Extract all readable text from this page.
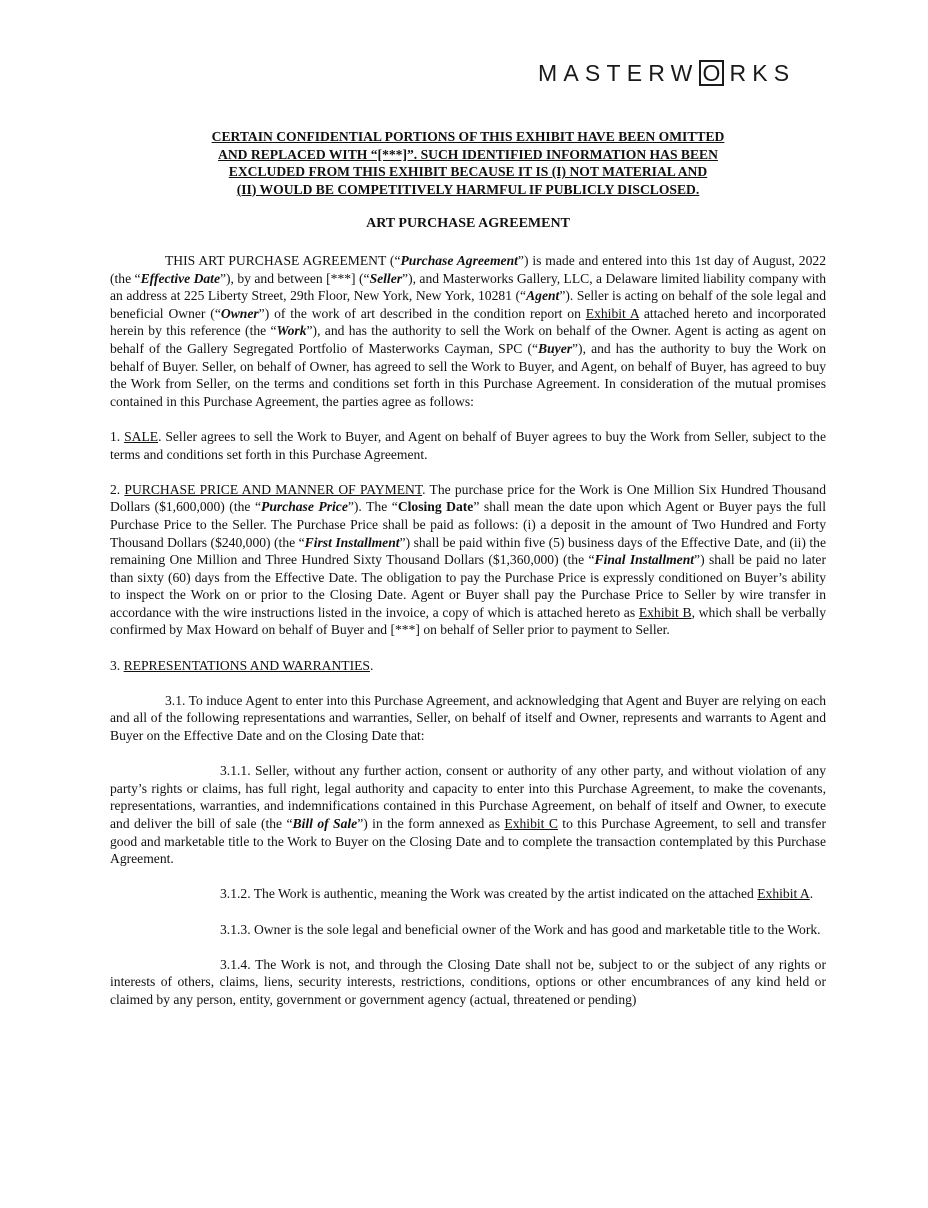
MASTERW O RKS
CERTAIN CONFIDENTIAL PORTIONS OF THIS EXHIBIT HAVE BEEN OMITTED
AND REPLACED WITH “[***]”. SUCH IDENTIFIED INFORMATION HAS BEEN
EXCLUDED FROM THIS EXHIBIT BECAUSE IT IS (I) NOT MATERIAL AND
(II) WOULD BE COMPETITIVELY HARMFUL IF PUBLICLY DISCLOSED.
ART PURCHASE AGREEMENT

THIS ART PURCHASE AGREEMENT (“Purchase Agreement”) is made and entered into this 1st day of August, 2022 (the “Effective Date”), by and between [***] (“Seller”), and Masterworks Gallery, LLC, a Delaware limited liability company with an address at 225 Liberty Street, 29th Floor, New York, New York, 10281 (“Agent”). Seller is acting on behalf of the sole legal and beneficial Owner (“Owner”) of the work of art described in the condition report on Exhibit A attached hereto and incorporated herein by this reference (the “Work”), and has the authority to sell the Work on behalf of the Owner. Agent is acting as agent on behalf of the Gallery Segregated Portfolio of Masterworks Cayman, SPC (“Buyer”), and has the authority to buy the Work on behalf of Buyer. Seller, on behalf of Owner, has agreed to sell the Work to Buyer, and Agent, on behalf of Buyer, has agreed to buy the Work from Seller, on the terms and conditions set forth in this Purchase Agreement. In consideration of the mutual promises contained in this Purchase Agreement, the parties agree as follows:

1. SALE. Seller agrees to sell the Work to Buyer, and Agent on behalf of Buyer agrees to buy the Work from Seller, subject to the terms and conditions set forth in this Purchase Agreement.

2. PURCHASE PRICE AND MANNER OF PAYMENT. The purchase price for the Work is One Million Six Hundred Thousand Dollars ($1,600,000) (the “Purchase Price”). The “Closing Date” shall mean the date upon which Agent or Buyer pays the full Purchase Price to the Seller. The Purchase Price shall be paid as follows: (i) a deposit in the amount of Two Hundred and Forty Thousand Dollars ($240,000) (the “First Installment”) shall be paid within five (5) business days of the Effective Date, and (ii) the remaining One Million and Three Hundred Sixty Thousand Dollars ($1,360,000) (the “Final Installment”) shall be paid no later than sixty (60) days from the Effective Date. The obligation to pay the Purchase Price is expressly conditioned on Buyer’s ability to inspect the Work on or prior to the Closing Date. Agent or Buyer shall pay the Purchase Price to Seller by wire transfer in accordance with the wire instructions listed in the invoice, a copy of which is attached hereto as Exhibit B, which shall be verbally confirmed by Max Howard on behalf of Buyer and [***] on behalf of Seller prior to payment to Seller.

3. REPRESENTATIONS AND WARRANTIES.

3.1. To induce Agent to enter into this Purchase Agreement, and acknowledging that Agent and Buyer are relying on each and all of the following representations and warranties, Seller, on behalf of itself and Owner, represents and warrants to Agent and Buyer on the Effective Date and on the Closing Date that:

3.1.1. Seller, without any further action, consent or authority of any other party, and without violation of any party’s rights or claims, has full right, legal authority and capacity to enter into this Purchase Agreement, to make the covenants, representations, warranties, and indemnifications contained in this Purchase Agreement, on behalf of itself and Owner, to execute and deliver the bill of sale (the “Bill of Sale”) in the form annexed as Exhibit C to this Purchase Agreement, to sell and transfer good and marketable title to the Work to Buyer on the Closing Date and to complete the transaction contemplated by this Purchase Agreement.

3.1.2. The Work is authentic, meaning the Work was created by the artist indicated on the attached Exhibit A.

3.1.3. Owner is the sole legal and beneficial owner of the Work and has good and marketable title to the Work.

3.1.4. The Work is not, and through the Closing Date shall not be, subject to or the subject of any rights or interests of others, claims, liens, security interests, restrictions, conditions, options or other encumbrances of any kind held or claimed by any person, entity, government or government agency (actual, threatened or pending)
